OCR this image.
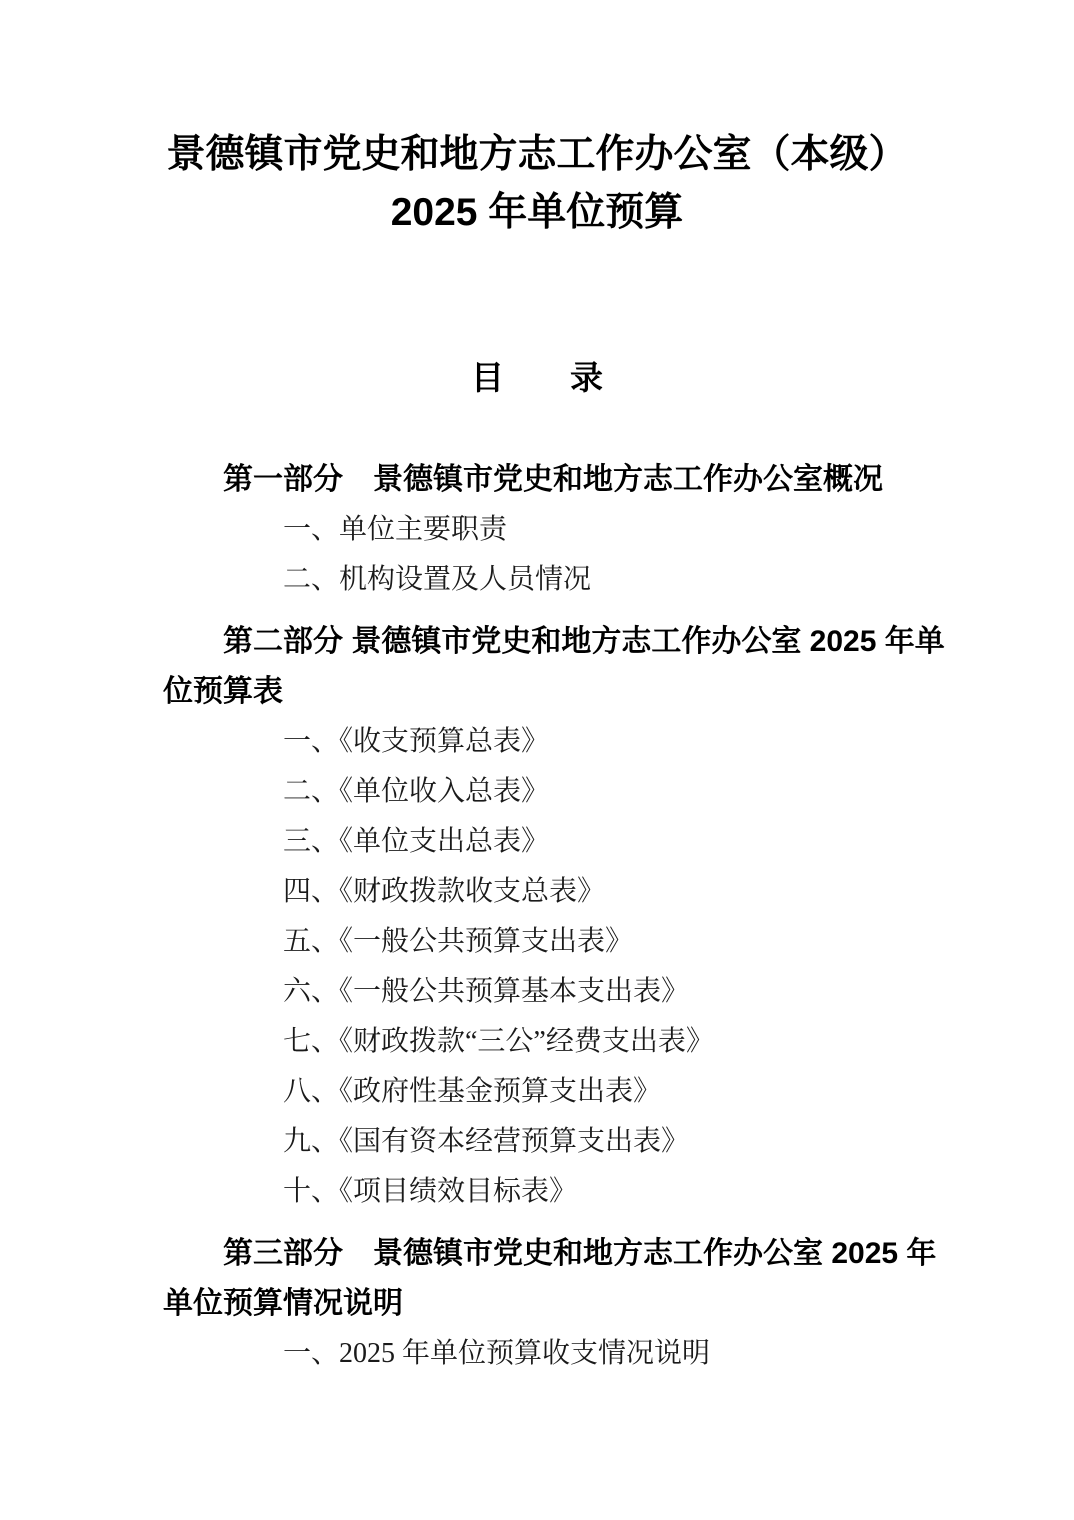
景德镇市党史和地方志工作办公室（本级）
2025 年单位预算
目　　录
第一部分　景德镇市党史和地方志工作办公室概况
一、单位主要职责
二、机构设置及人员情况
第二部分 景德镇市党史和地方志工作办公室 2025 年单
位预算表
一、《收支预算总表》
二、《单位收入总表》
三、《单位支出总表》
四、《财政拨款收支总表》
五、《一般公共预算支出表》
六、《一般公共预算基本支出表》
七、《财政拨款“三公”经费支出表》
八、《政府性基金预算支出表》
九、《国有资本经营预算支出表》
十、《项目绩效目标表》
第三部分　景德镇市党史和地方志工作办公室 2025 年
单位预算情况说明
一、2025 年单位预算收支情况说明
